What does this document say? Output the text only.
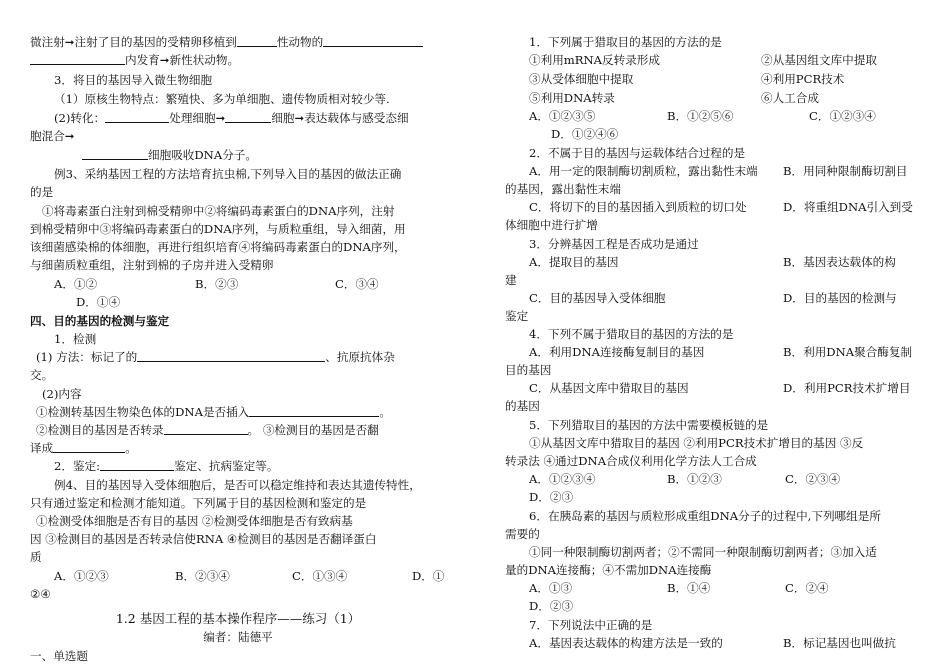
微注射➞注射了目的基因的受精卵移植到	性动物的
内发育➞新性状动物。
3．将目的基因导入微生物细胞
（1）原核生物特点：繁殖快、多为单细胞、遗传物质相对较少等.
(2)转化：	处理细胞➞	细胞➞表达载体与感受态细
胞混合➞
细胞吸收DNA分子。
例3、采纳基因工程的方法培育抗虫棉,下列导入目的基因的做法正确
的是
①将毒素蛋白注射到棉受精卵中②将编码毒素蛋白的DNA序列，注射
到棉受精卵中③将编码毒素蛋白的DNA序列，与质粒重组，导入细菌，用
该细菌感染棉的体细胞，再进行组织培育④将编码毒素蛋白的DNA序列，
与细菌质粒重组，注射到棉的子房并进入受精卵
A．①②	B．②③	C．③④
D．①④
四、目的基因的检测与鉴定
1．检测
(1) 方法：标记了的	、抗原抗体杂
交。
(2)内容
①检测转基因生物染色体的DNA是否插入	。
②检测目的基因是否转录	。 ③检测目的基因是否翻
译成	。
2．鉴定:	鉴定、抗病鉴定等。
例4、目的基因导入受体细胞后，是否可以稳定维持和表达其遗传特性，
只有通过鉴定和检测才能知道。下列属于目的基因检测和鉴定的是
①检测受体细胞是否有目的基因 ②检测受体细胞是否有致病基
因 ③检测目的基因是否转录信使RNA ④检测目的基因是否翻译蛋白
质
A．①②③	B．②③④	C．①③④	D．①
②④
1.2 基因工程的基本操作程序——练习（1）
编者：陆德平
一、单选题
1．下列属于猎取目的基因的方法的是
①利用mRNA反转录形成	②从基因组文库中提取
③从受体细胞中提取	④利用PCR技术
⑤利用DNA转录	⑥人工合成
A．①②③⑤	B．①②⑤⑥	C．①②③④
D．①②④⑥
2．不属于目的基因与运载体结合过程的是
A．用一定的限制酶切割质粒，露出黏性末端 B．用同种限制酶切割目
的基因，露出黏性末端
C．将切下的目的基因插入到质粒的切口处	D．将重组DNA引入到受
体细胞中进行扩增
3．分辨基因工程是否成功是通过
A．提取目的基因	B．基因表达载体的构
建
C．目的基因导入受体细胞	D．目的基因的检测与
鉴定
4．下列不属于猎取目的基因的方法的是
A．利用DNA连接酶复制目的基因	B．利用DNA聚合酶复制
目的基因
C．从基因文库中猎取目的基因	D．利用PCR技术扩增目
的基因
5．下列猎取目的基因的方法中需要模板链的是
①从基因文库中猎取目的基因 ②利用PCR技术扩增目的基因 ③反
转录法 ④通过DNA合成仪利用化学方法人工合成
A．①②③④	B．①②③	C．②③④
D．②③
6．在胰岛素的基因与质粒形成重组DNA分子的过程中,下列哪组是所
需要的
①同一种限制酶切割两者；②不需同一种限制酶切割两者；③加入适
量的DNA连接酶；④不需加DNA连接酶
A．①③	B．①④	C．②④
D．②③
7．下列说法中正确的是
A．基因表达载体的构建方法是一致的	B．标记基因也叫做抗
